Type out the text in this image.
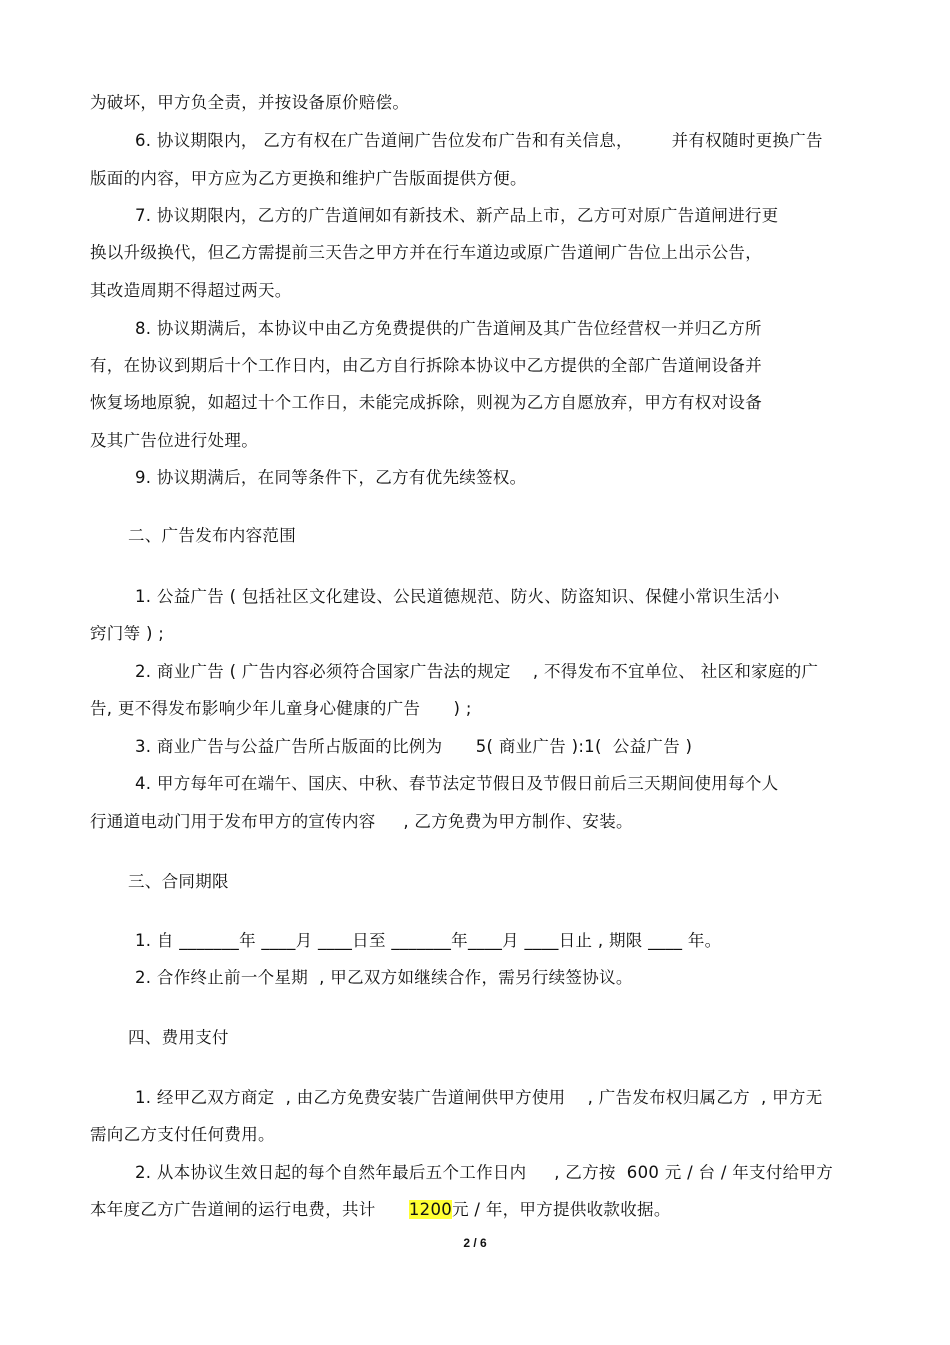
为破坏，甲方负全责，并按设备原价赔偿。
6. 协议期限内， 乙方有权在广告道闸广告位发布广告和有关信息，       并有权随时更换广告
版面的内容，甲方应为乙方更换和维护广告版面提供方便。
7. 协议期限内，乙方的广告道闸如有新技术、新产品上市，乙方可对原广告道闸进行更
换以升级换代，但乙方需提前三天告之甲方并在行车道边或原广告道闸广告位上出示公告，
其改造周期不得超过两天。
8. 协议期满后，本协议中由乙方免费提供的广告道闸及其广告位经营权一并归乙方所
有，在协议到期后十个工作日内，由乙方自行拆除本协议中乙方提供的全部广告道闸设备并
恢复场地原貌，如超过十个工作日，未能完成拆除，则视为乙方自愿放弃，甲方有权对设备
及其广告位进行处理。
9. 协议期满后，在同等条件下，乙方有优先续签权。
二、广告发布内容范围
1. 公益广告 ( 包括社区文化建设、公民道德规范、防火、防盗知识、保健小常识生活小
窍门等 ) ;
2. 商业广告 ( 广告内容必须符合国家广告法的规定    , 不得发布不宜单位、 社区和家庭的广
告, 更不得发布影响少年儿童身心健康的广告      ) ;
3. 商业广告与公益广告所占版面的比例为      5( 商业广告 ):1(  公益广告 )
4. 甲方每年可在端午、国庆、中秋、春节法定节假日及节假日前后三天期间使用每个人
行通道电动门用于发布甲方的宣传内容     , 乙方免费为甲方制作、安装。
三、合同期限
1. 自 _______年 ____月 ____日至 _______年____月 ____日止 , 期限 ____ 年。
2. 合作终止前一个星期  , 甲乙双方如继续合作，需另行续签协议。
四、费用支付
1. 经甲乙双方商定  , 由乙方免费安装广告道闸供甲方使用    , 广告发布权归属乙方  , 甲方无
需向乙方支付任何费用。
2. 从本协议生效日起的每个自然年最后五个工作日内     , 乙方按  600 元 / 台 / 年支付给甲方
本年度乙方广告道闸的运行电费，共计      1200元 / 年，甲方提供收款收据。
2 / 6
